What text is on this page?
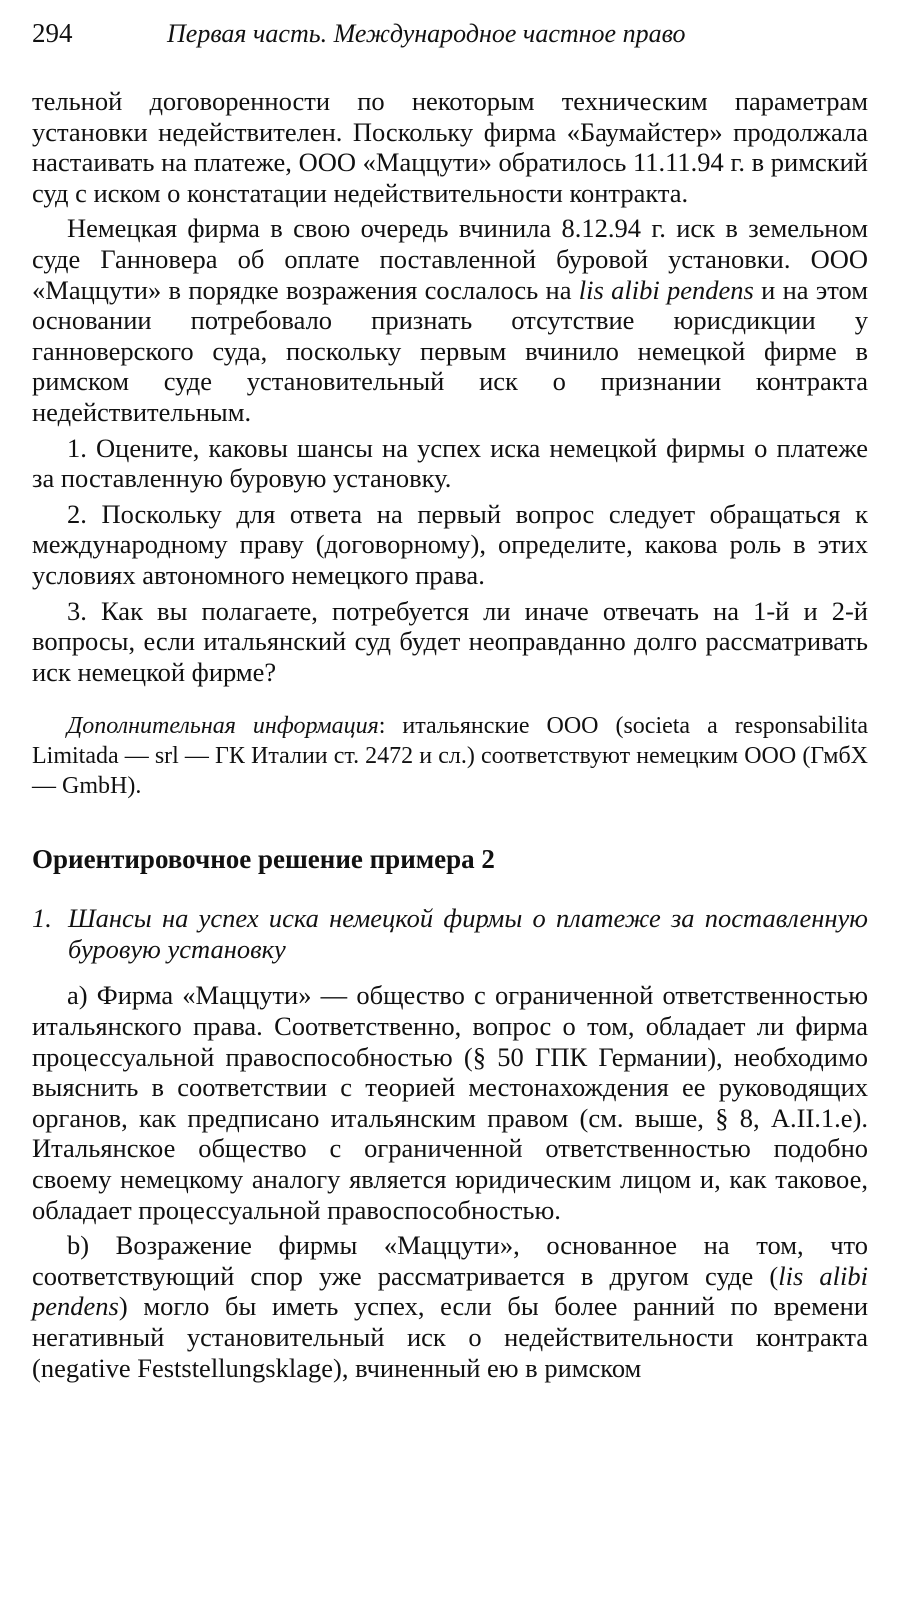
294	Первая часть. Международное частное право

тельной договоренности по некоторым техническим параметрам установки недействителен. Поскольку фирма «Баумайстер» продолжала настаивать на платеже, ООО «Маццути» обратилось 11.11.94 г. в римский суд с иском о констатации недействительности контракта.

Немецкая фирма в свою очередь вчинила 8.12.94 г. иск в земельном суде Ганновера об оплате поставленной буровой установки. ООО «Маццути» в порядке возражения сослалось на lis alibi pendens и на этом основании потребовало признать отсутствие юрисдикции у ганноверского суда, поскольку первым вчинило немецкой фирме в римском суде установительный иск о признании контракта недействительным.

1. Оцените, каковы шансы на успех иска немецкой фирмы о платеже за поставленную буровую установку.

2. Поскольку для ответа на первый вопрос следует обращаться к международному праву (договорному), определите, какова роль в этих условиях автономного немецкого права.

3. Как вы полагаете, потребуется ли иначе отвечать на 1-й и 2-й вопросы, если итальянский суд будет неоправданно долго рассматривать иск немецкой фирме?

Дополнительная информация: итальянские ООО (societa a responsabilita Limitada — srl — ГК Италии ст. 2472 и сл.) соответствуют немецким ООО (ГмбХ — GmbH).

Ориентировочное решение примера 2
1. Шансы на успех иска немецкой фирмы о платеже за поставленную буровую установку

а) Фирма «Маццути» — общество с ограниченной ответственностью итальянского права. Соответственно, вопрос о том, обладает ли фирма процессуальной правоспособностью (§ 50 ГПК Германии), необходимо выяснить в соответствии с теорией местонахождения ее руководящих органов, как предписано итальянским правом (см. выше, § 8, A.II.1.e). Итальянское общество с ограниченной ответственностью подобно своему немецкому аналогу является юридическим лицом и, как таковое, обладает процессуальной правоспособностью.

b) Возражение фирмы «Маццути», основанное на том, что соответствующий спор уже рассматривается в другом суде (lis alibi pendens) могло бы иметь успех, если бы более ранний по времени негативный установительный иск о недействительности контракта (negative Feststellungsklage), вчиненный ею в римском
